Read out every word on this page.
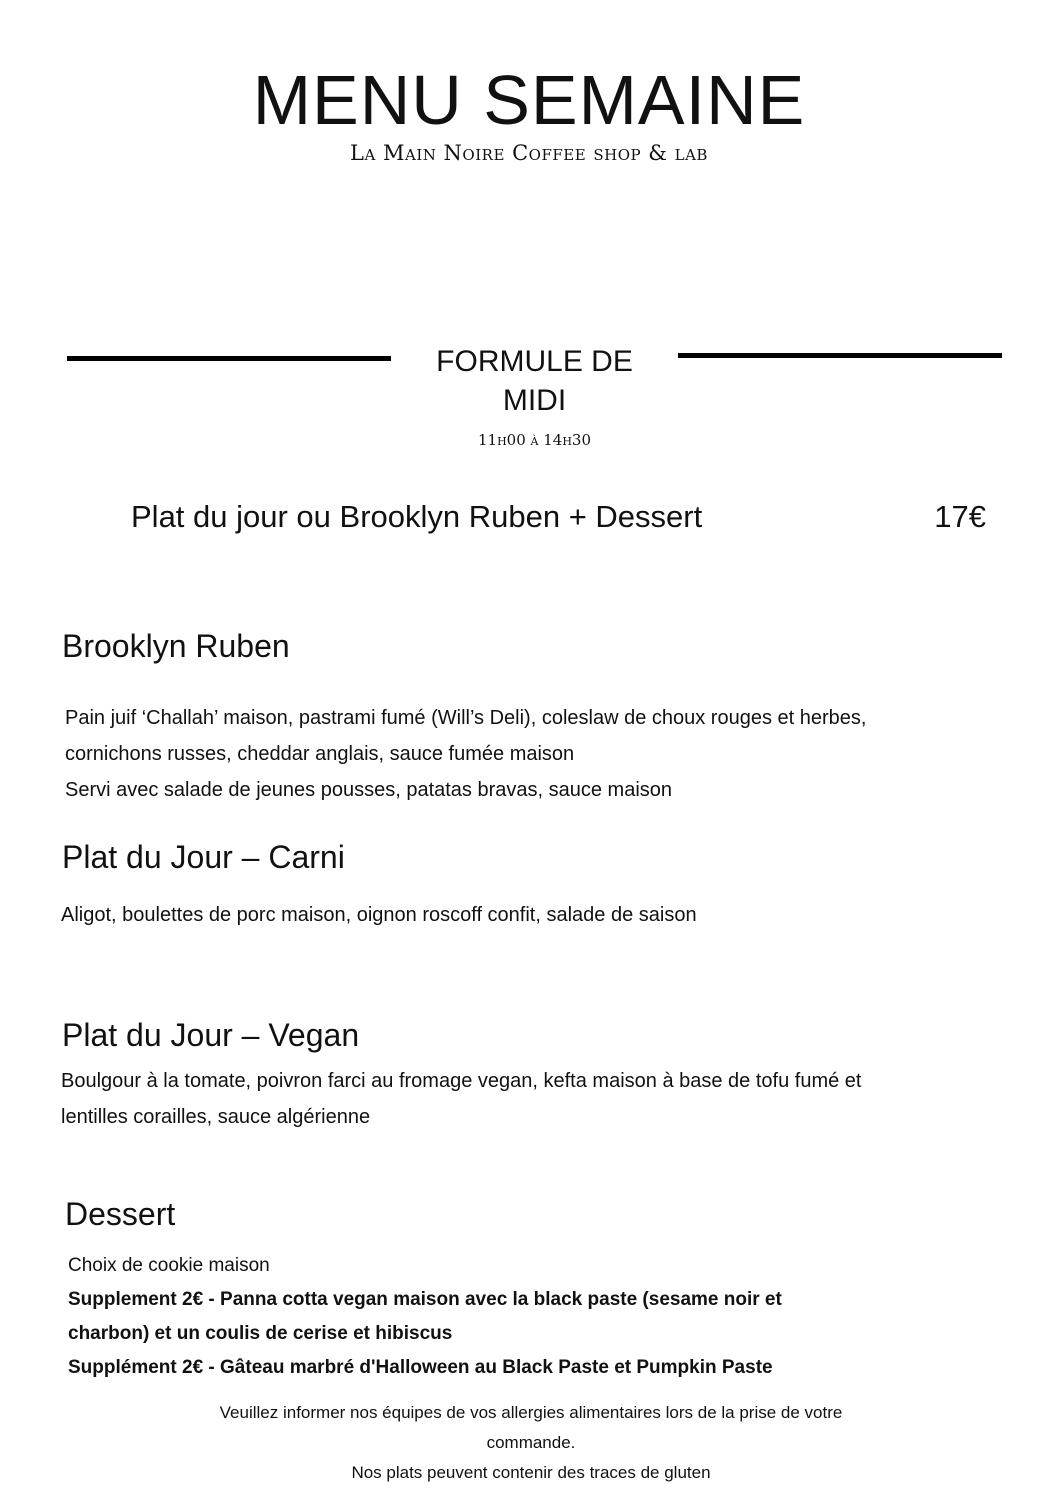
MENU SEMAINE
La Main Noire Coffee shop & lab
FORMULE DE
MIDI
11h00 à 14h30
Plat du jour ou Brooklyn Ruben + Dessert	17€
Brooklyn Ruben
Pain juif ‘Challah’ maison, pastrami fumé (Will’s Deli), coleslaw de choux rouges et herbes,
cornichons russes, cheddar anglais, sauce fumée maison
Servi avec salade de jeunes pousses, patatas bravas, sauce maison
Plat du Jour – Carni
Aligot, boulettes de porc maison, oignon roscoff confit, salade de saison
Plat du Jour – Vegan
Boulgour à la tomate, poivron farci au fromage vegan, kefta maison à base de tofu fumé et
lentilles corailles, sauce algérienne
Dessert
Choix de cookie maison
Supplement 2€ - Panna cotta vegan maison avec la black paste (sesame noir et
charbon) et un coulis de cerise et hibiscus
Supplément 2€ - Gâteau marbré d'Halloween au Black Paste et Pumpkin Paste
Veuillez informer nos équipes de vos allergies alimentaires lors de la prise de votre
commande.
Nos plats peuvent contenir des traces de gluten
